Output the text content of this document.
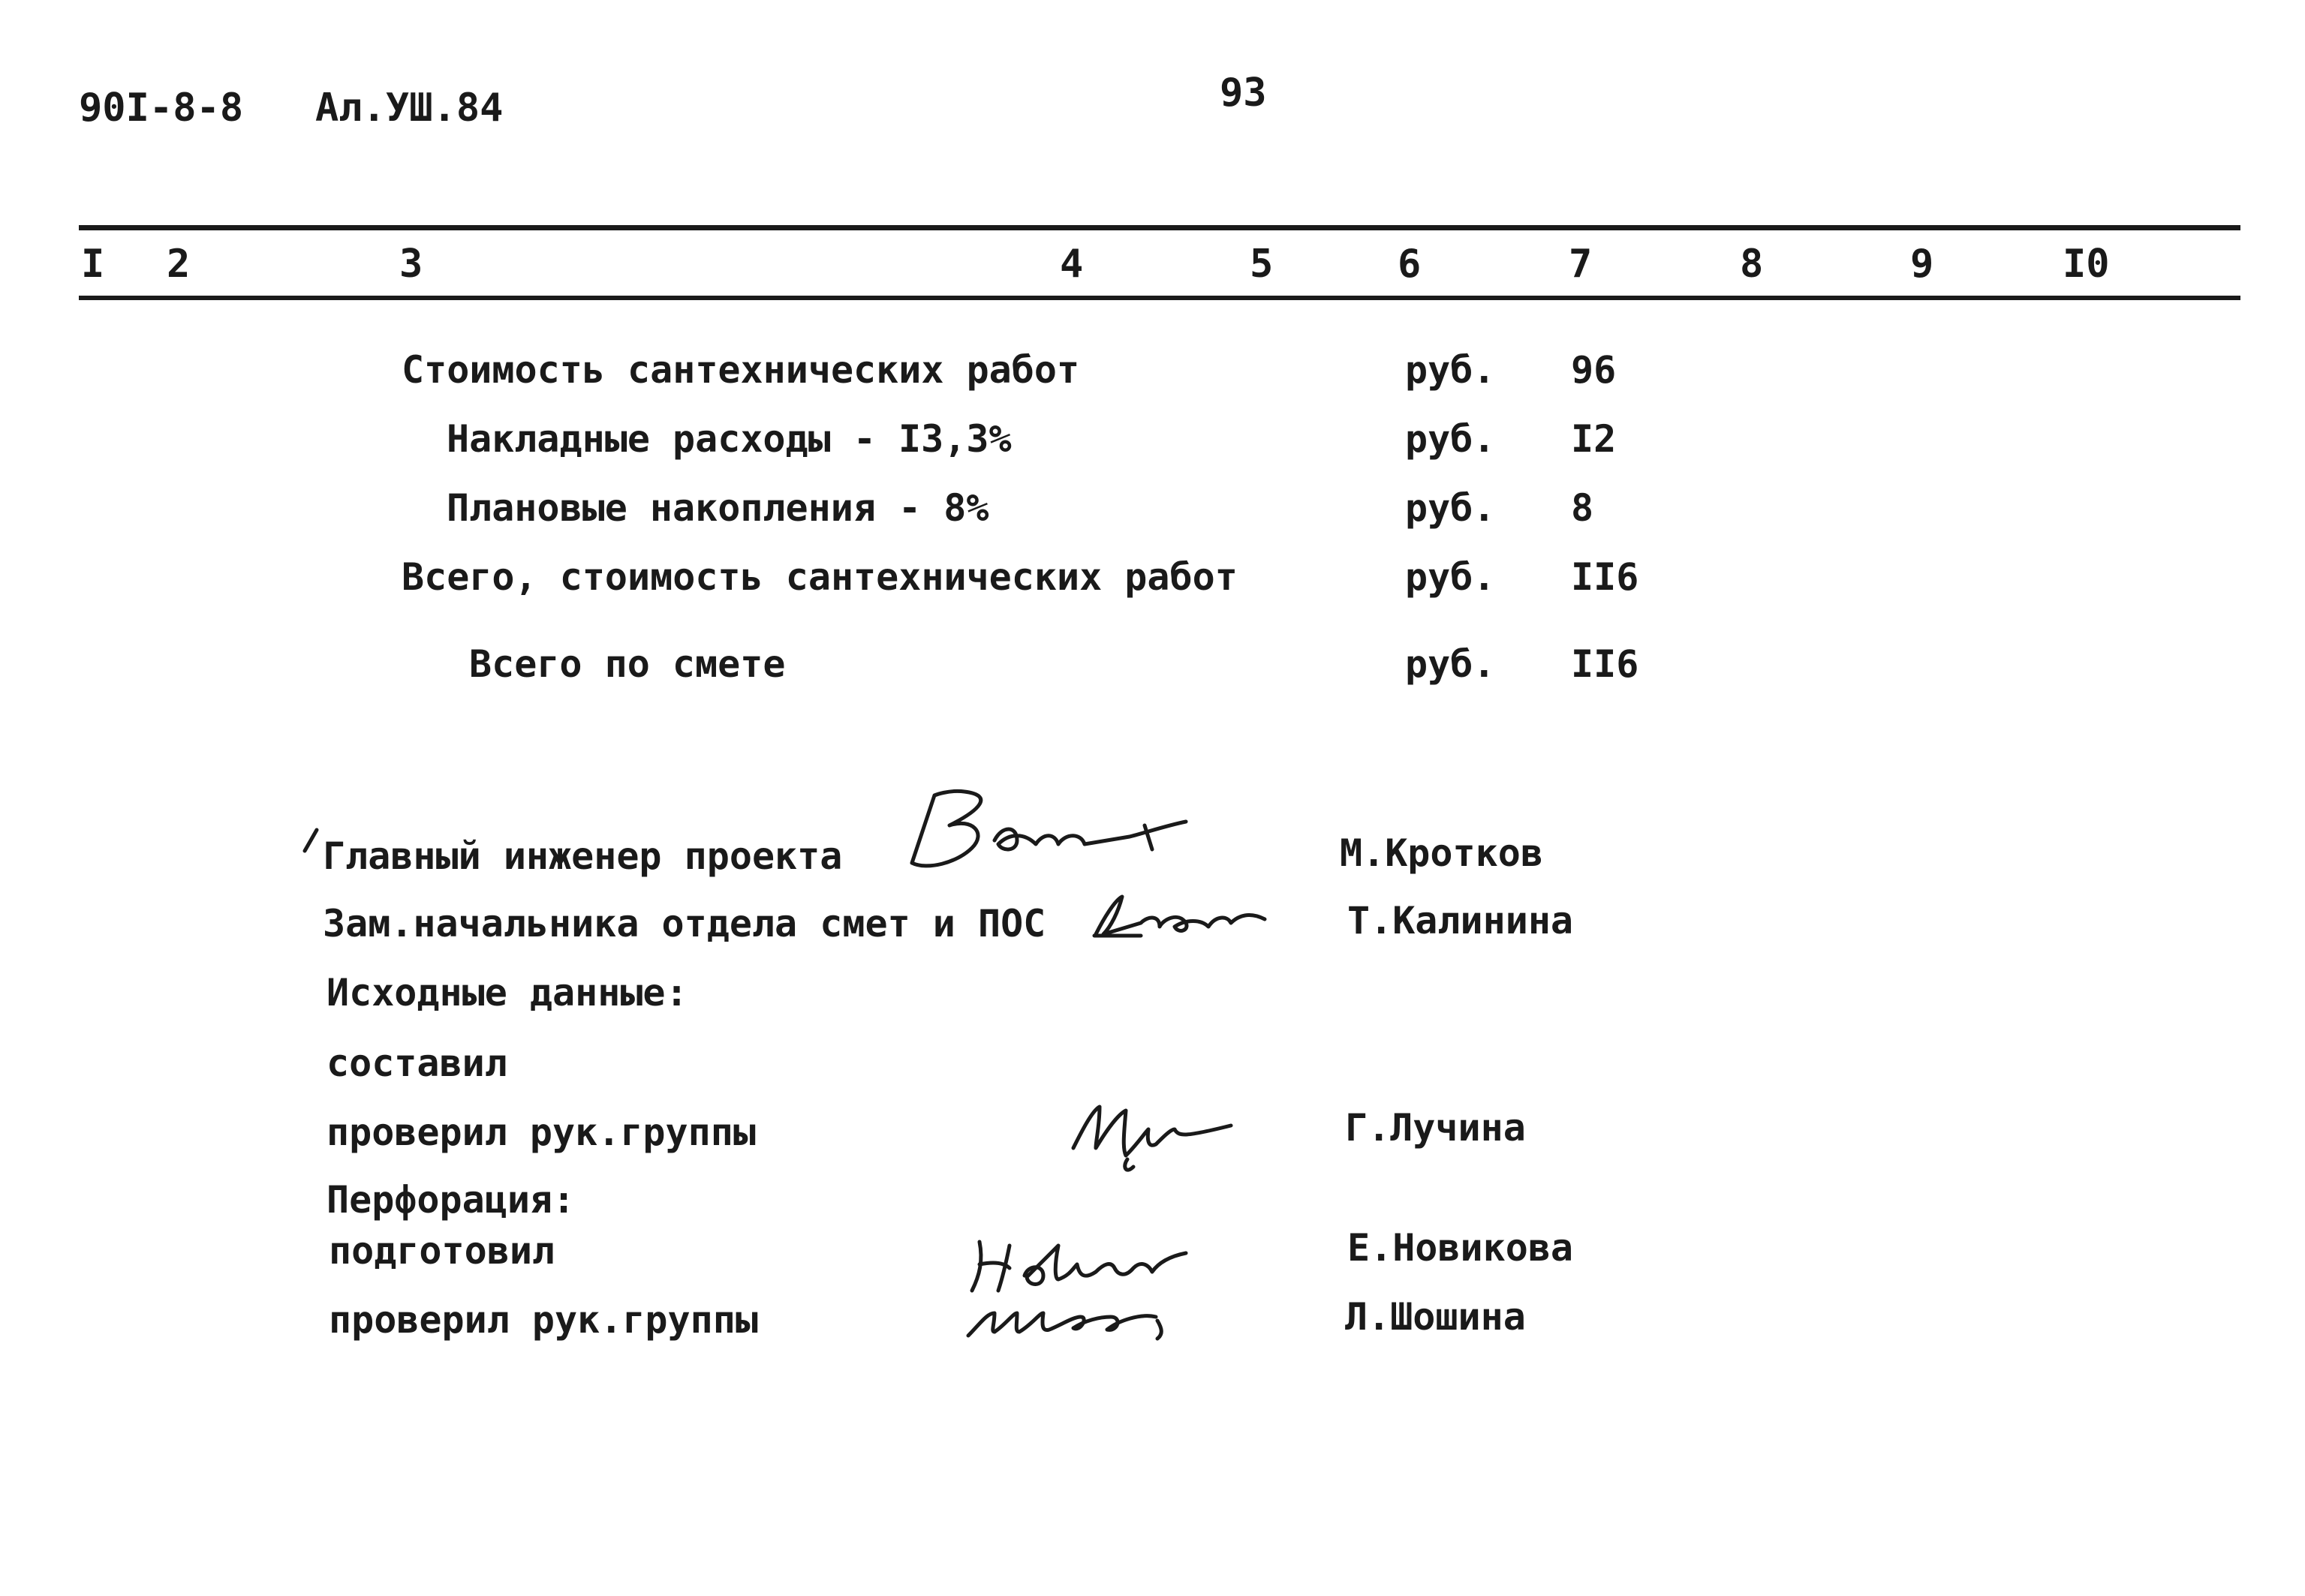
90I-8-8 Ал.УШ.84	93
I 2	3	4	5	6	7	8	9	I0
Стоимость сантехнических работ	руб. 96
Накладные расходы - I3,3%	руб. I2
Плановые накопления - 8%	руб. 8
Всего, стоимость сантехнических работ	руб. II6
Всего по смете	руб. II6
Главный инженер проекта	М.Кротков
Зам.начальника отдела смет и ПОС	Т.Калинина
Исходные данные:
составил
проверил рук.группы	Г.Лучина
Перфорация:
подготовил	Е.Новикова
проверил рук.группы	Л.Шошина
